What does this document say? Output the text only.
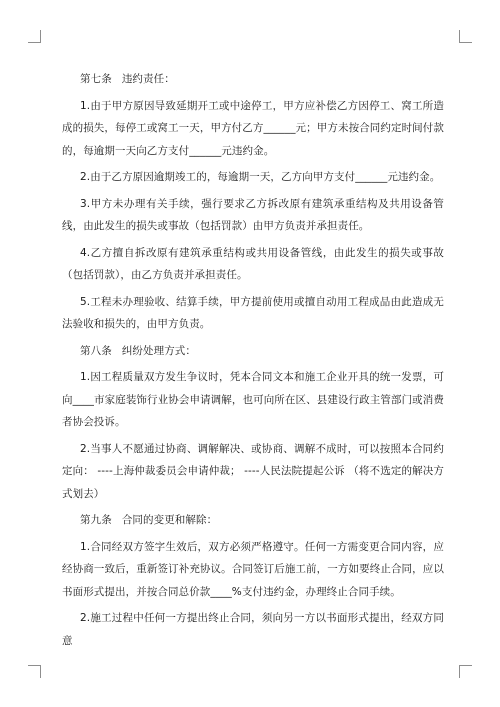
第七条 违约责任：

1.由于甲方原因导致延期开工或中途停工，甲方应补偿乙方因停工、窝工所造成的损失，每停工或窝工一天，甲方付乙方______元；甲方未按合同约定时间付款的，每逾期一天向乙方支付______元违约金。

2.由于乙方原因逾期竣工的，每逾期一天，乙方向甲方支付______元违约金。

3.甲方未办理有关手续，强行要求乙方拆改原有建筑承重结构及共用设备管线，由此发生的损失或事故（包括罚款）由甲方负责并承担责任。

4.乙方擅自拆改原有建筑承重结构或共用设备管线，由此发生的损失或事故（包括罚款），由乙方负责并承担责任。

5.工程未办理验收、结算手续，甲方提前使用或擅自动用工程成品由此造成无法验收和损失的，由甲方负责。

第八条 纠纷处理方式：

1.因工程质量双方发生争议时，凭本合同文本和施工企业开具的统一发票，可向____市家庭装饰行业协会申请调解，也可向所在区、县建设行政主管部门或消费者协会投诉。

2.当事人不愿通过协商、调解解决、或协商、调解不成时，可以按照本合同约定向： ----上海仲裁委员会申请仲裁； ----人民法院提起公诉 （将不选定的解决方式划去）

第九条 合同的变更和解除：

1.合同经双方签字生效后，双方必须严格遵守。任何一方需变更合同内容，应经协商一致后，重新签订补充协议。合同签订后施工前，一方如要终止合同，应以书面形式提出，并按合同总价款____%支付违约金，办理终止合同手续。

2.施工过程中任何一方提出终止合同，须向另一方以书面形式提出，经双方同意
